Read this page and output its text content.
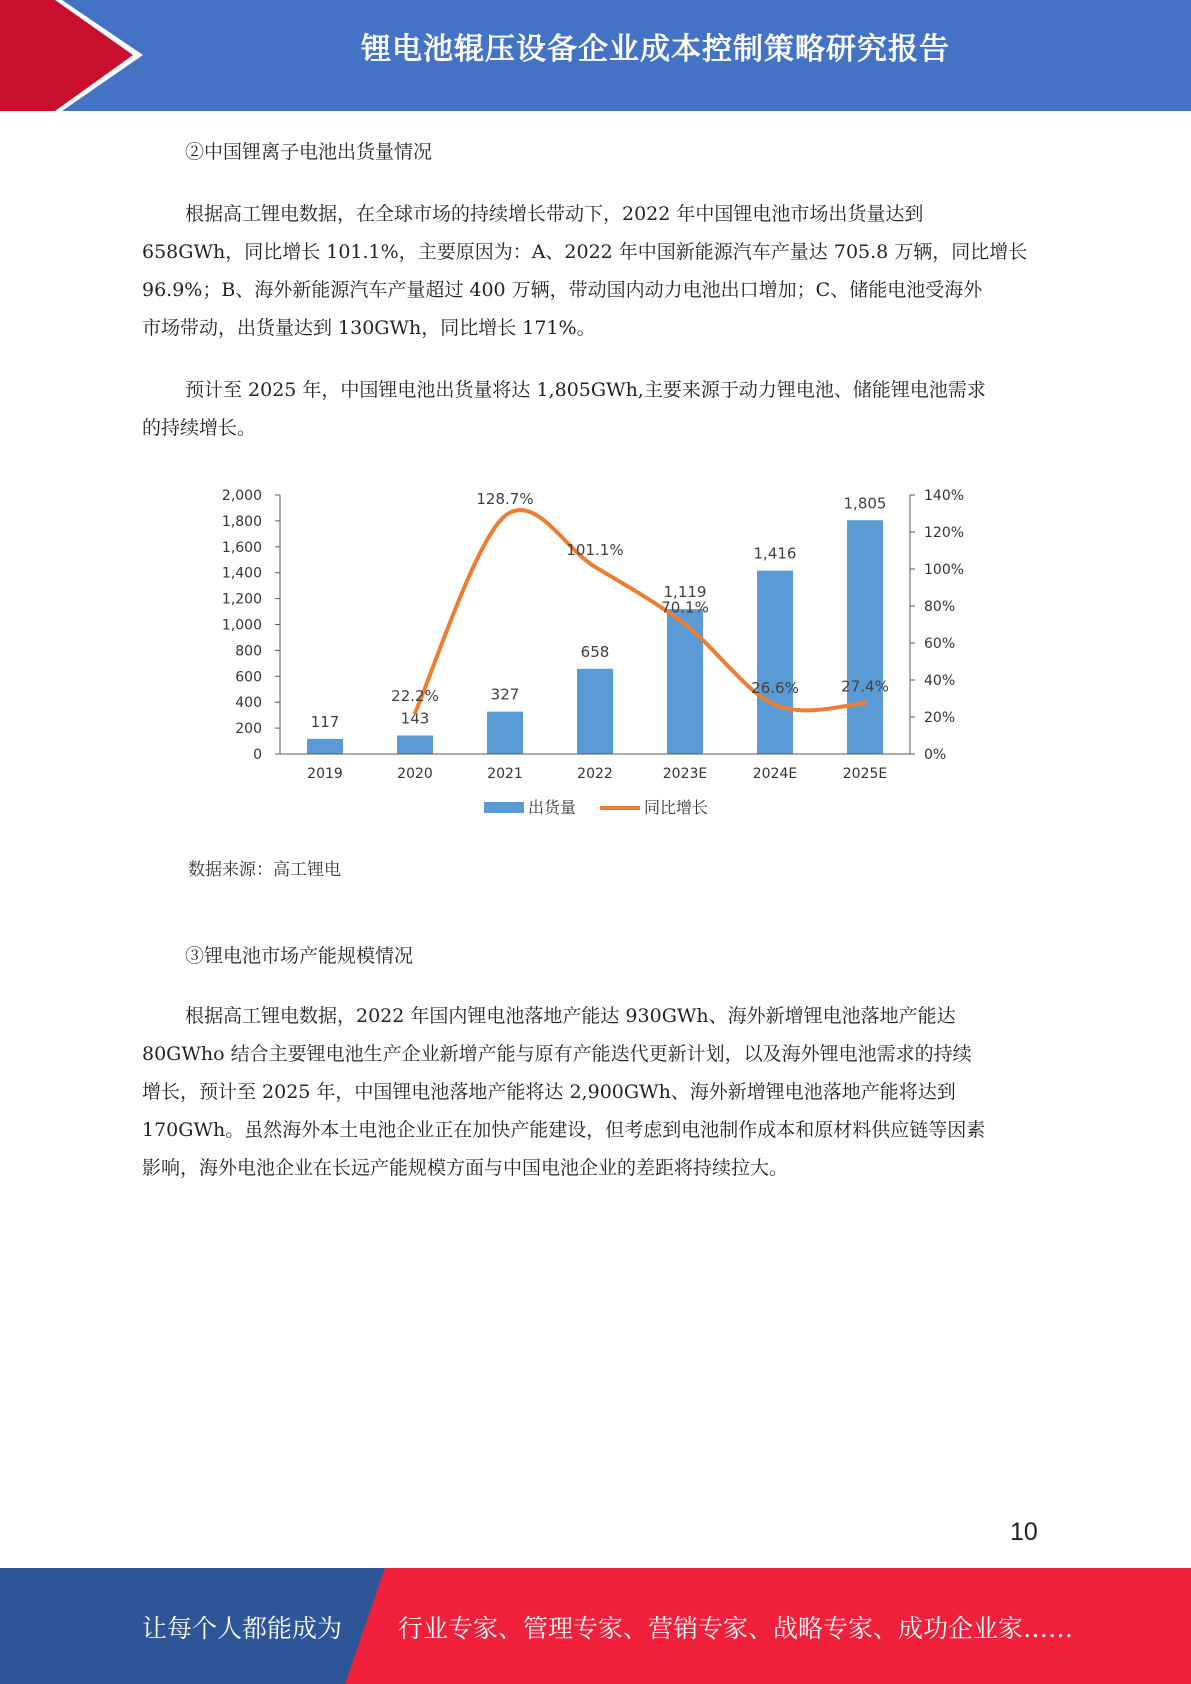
锂电池辊压设备企业成本控制策略研究报告
②中国锂离子电池出货量情况
根据高工锂电数据，在全球市场的持续增长带动下，2022 年中国锂电池市场出货量达到
658GWh，同比增长 101.1%，主要原因为：A、2022 年中国新能源汽车产量达 705.8 万辆，同比增长
96.9%；B、海外新能源汽车产量超过 400 万辆，带动国内动力电池出口增加；C、储能电池受海外
市场带动，出货量达到 130GWh，同比增长 171%。
预计至 2025 年，中国锂电池出货量将达 1,805GWh,主要来源于动力锂电池、储能锂电池需求
的持续增长。
0
200
400
600
800
1,000
1,200
1,400
1,600
1,800
2,000
0%
20%
40%
60%
80%
100%
120%
140%
117	143
327
658
1,119
1,416
1,805
22.2%
128.7%
101.1%
70.1%
26.6%	27.4%
2019	2020	2021	2022	2023E	2024E	2025E
出货量	同比增长
数据来源：高工锂电
③锂电池市场产能规模情况
根据高工锂电数据，2022 年国内锂电池落地产能达 930GWh、海外新增锂电池落地产能达
80GWho 结合主要锂电池生产企业新增产能与原有产能迭代更新计划，以及海外锂电池需求的持续
增长，预计至 2025 年，中国锂电池落地产能将达 2,900GWh、海外新增锂电池落地产能将达到
170GWh。虽然海外本土电池企业正在加快产能建设，但考虑到电池制作成本和原材料供应链等因素
影响，海外电池企业在长远产能规模方面与中国电池企业的差距将持续拉大。
10
让每个人都能成为 行业专家、管理专家、营销专家、战略专家、成功企业家……
